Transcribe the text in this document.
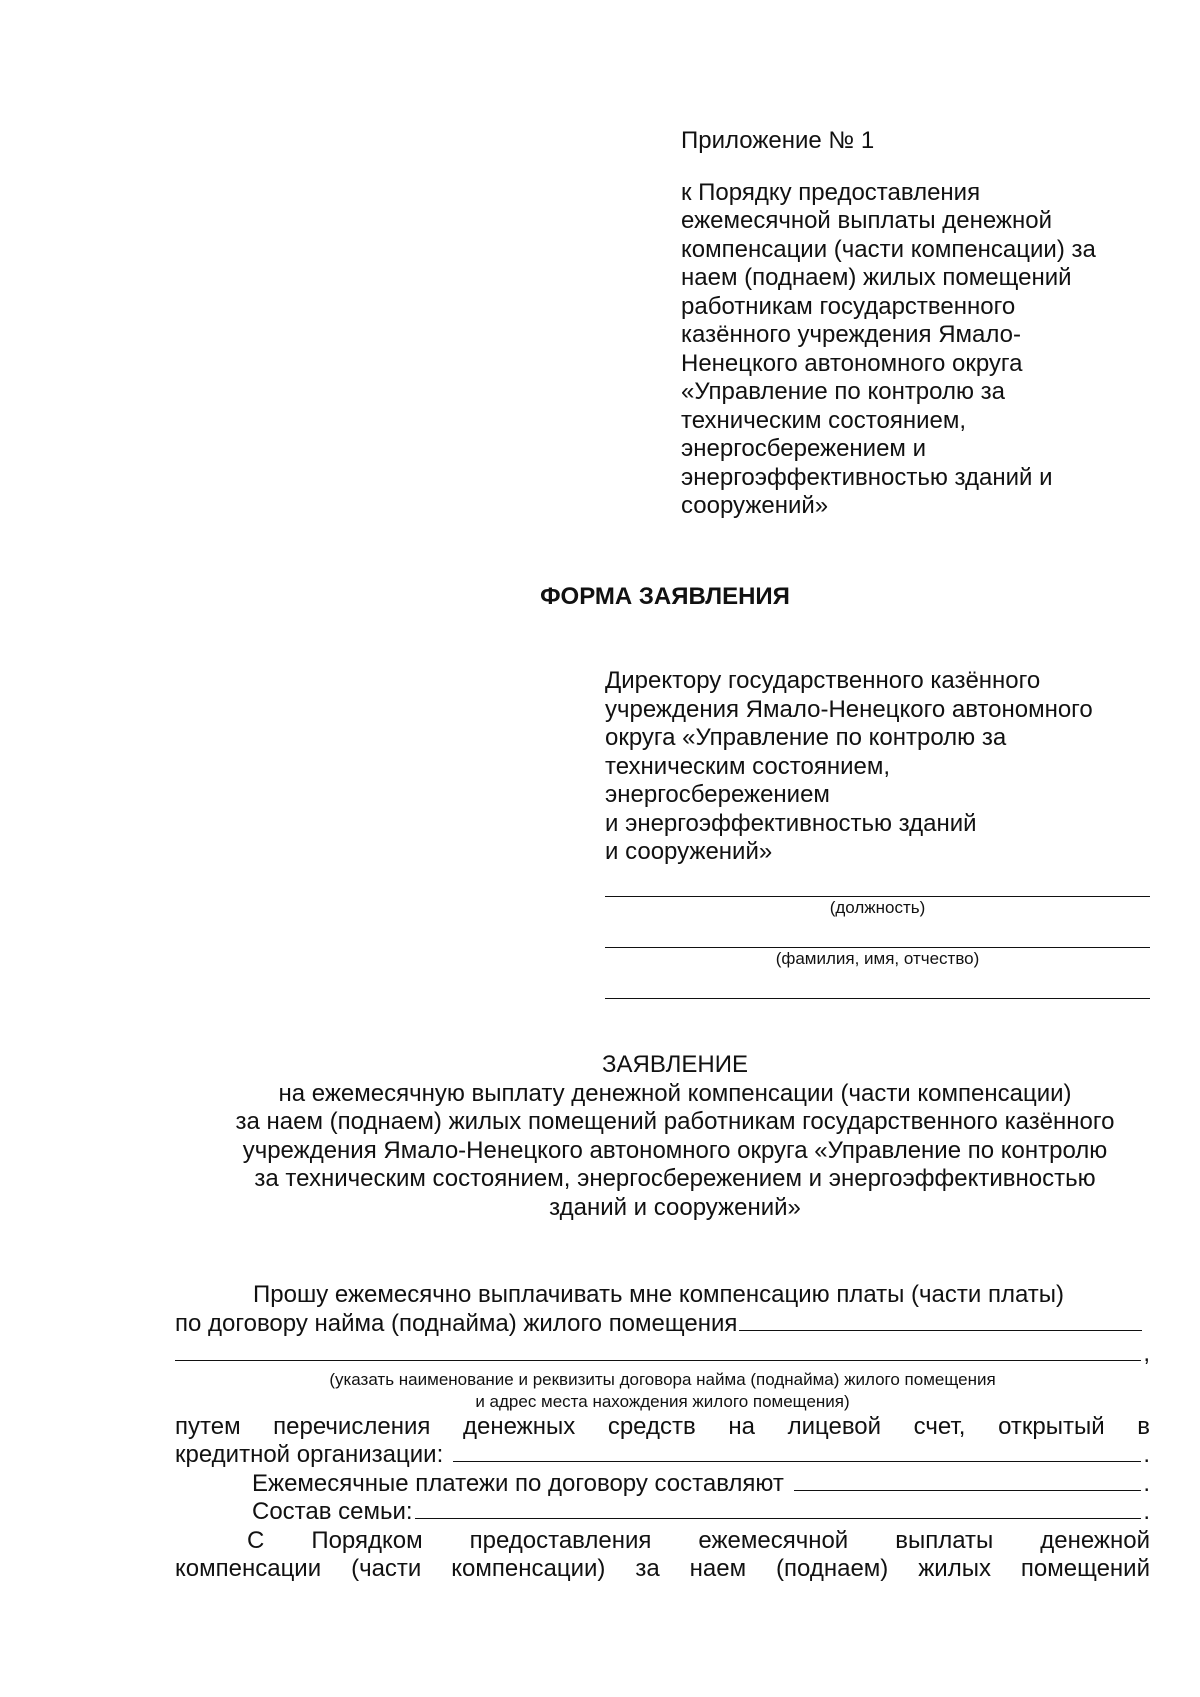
Приложение № 1
к Порядку предоставления
ежемесячной выплаты денежной
компенсации (части компенсации) за
наем (поднаем) жилых помещений
работникам государственного
казённого учреждения Ямало-
Ненецкого автономного округа
«Управление по контролю за
техническим состоянием,
энергосбережением и
энергоэффективностью зданий и
сооружений»
ФОРМА ЗАЯВЛЕНИЯ
Директору государственного казённого
учреждения Ямало-Ненецкого автономного
округа «Управление по контролю за
техническим состоянием,
энергосбережением
и энергоэффективностью зданий
и сооружений»
(должность)
(фамилия, имя, отчество)
ЗАЯВЛЕНИЕ
на ежемесячную выплату денежной компенсации (части компенсации)
за наем (поднаем) жилых помещений работникам государственного казённого
учреждения Ямало-Ненецкого автономного округа «Управление по контролю
за техническим состоянием, энергосбережением и энергоэффективностью
зданий и сооружений»
Прошу ежемесячно выплачивать мне компенсацию платы (части платы)
по договору найма (поднайма) жилого помещения
,
(указать наименование и реквизиты договора найма (поднайма) жилого помещения
и адрес места нахождения жилого помещения)
путем перечисления денежных средств на лицевой счет, открытый в
кредитной организации:	.
Ежемесячные платежи по договору составляют	.
Состав семьи:	.
С Порядком предоставления ежемесячной выплаты денежной
компенсации (части компенсации) за наем (поднаем) жилых помещений
